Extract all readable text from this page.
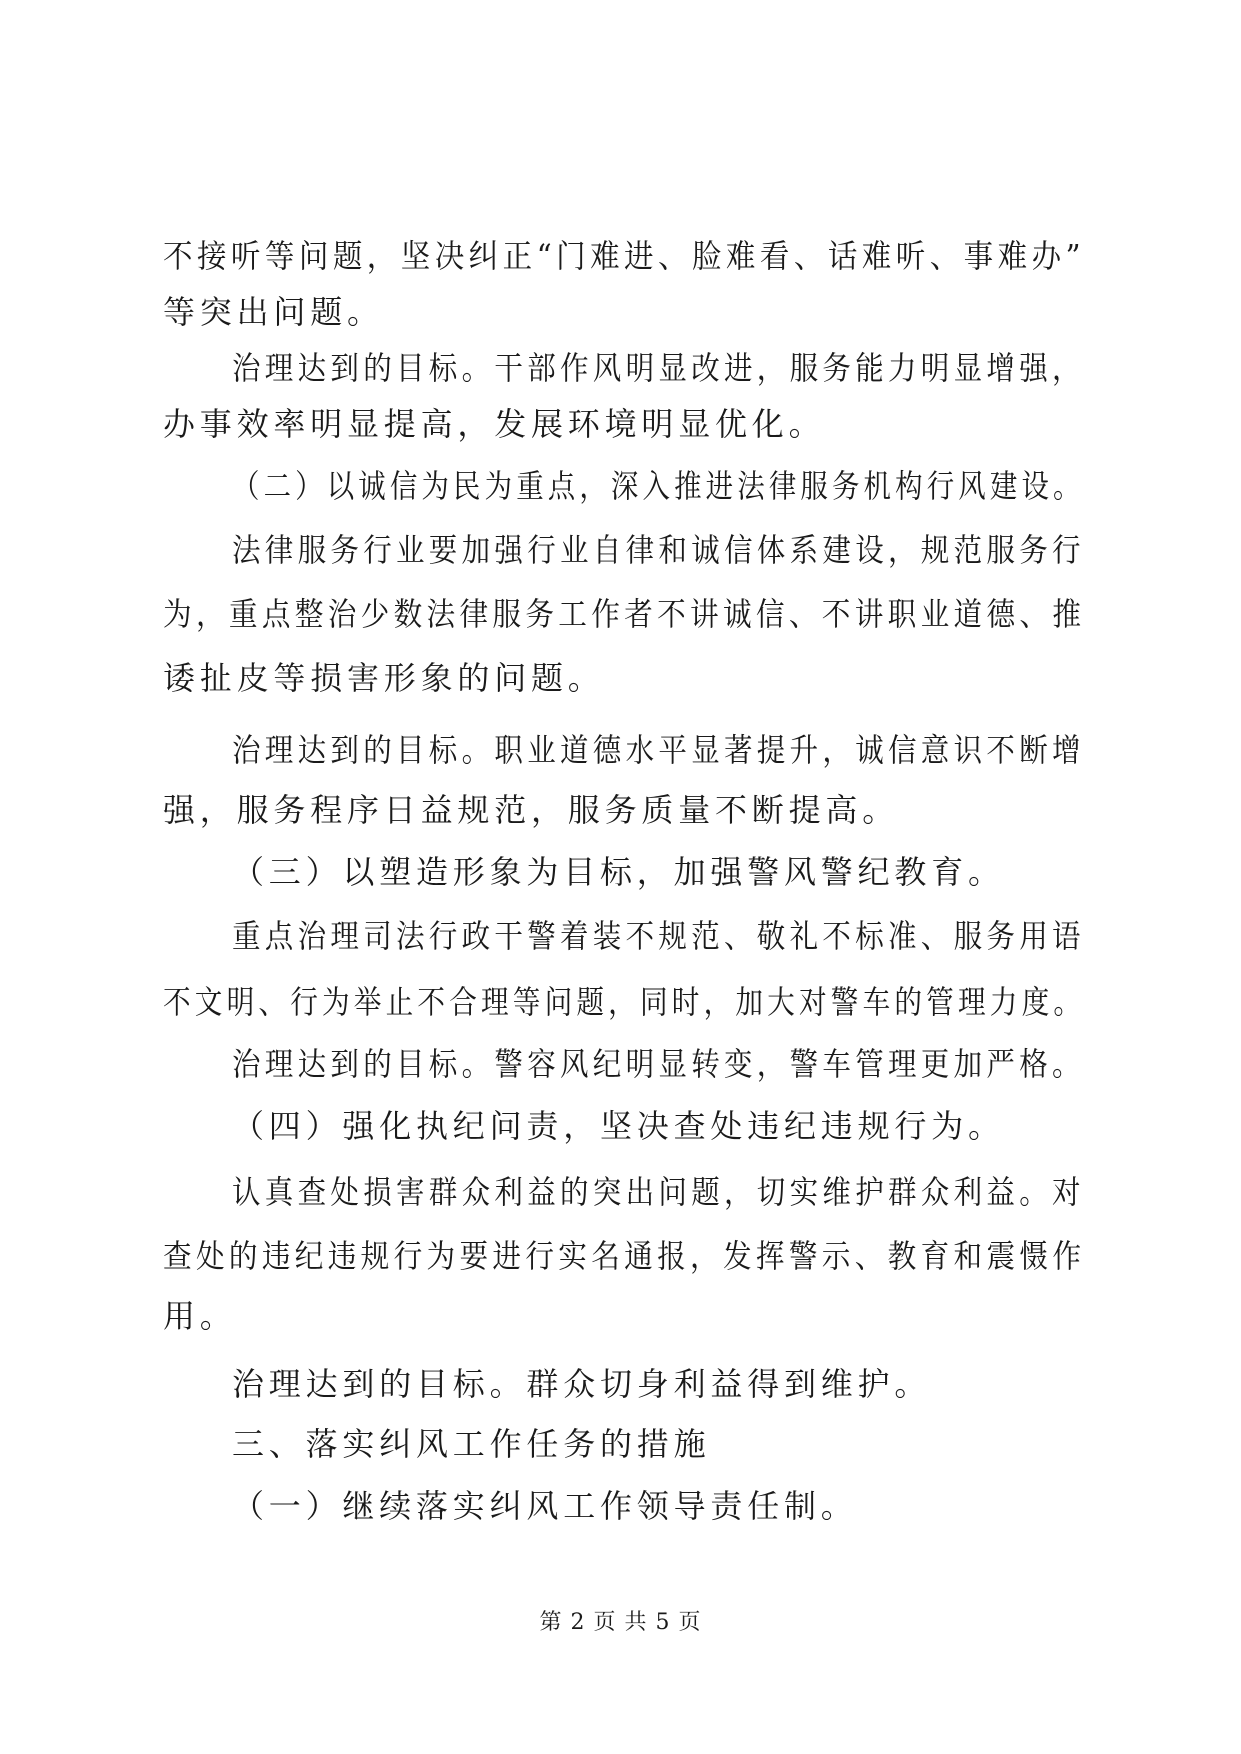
不接听等问题，坚决纠正“门难进、脸难看、话难听、事难办”
等突出问题。
治理达到的目标。干部作风明显改进，服务能力明显增强，
办事效率明显提高，发展环境明显优化。
（二）以诚信为民为重点，深入推进法律服务机构行风建设。
法律服务行业要加强行业自律和诚信体系建设，规范服务行
为，重点整治少数法律服务工作者不讲诚信、不讲职业道德、推
诿扯皮等损害形象的问题。
治理达到的目标。职业道德水平显著提升，诚信意识不断增
强，服务程序日益规范，服务质量不断提高。
（三）以塑造形象为目标，加强警风警纪教育。
重点治理司法行政干警着装不规范、敬礼不标准、服务用语
不文明、行为举止不合理等问题，同时，加大对警车的管理力度。
治理达到的目标。警容风纪明显转变，警车管理更加严格。
（四）强化执纪问责，坚决查处违纪违规行为。
认真查处损害群众利益的突出问题，切实维护群众利益。对
查处的违纪违规行为要进行实名通报，发挥警示、教育和震慑作
用。
治理达到的目标。群众切身利益得到维护。
三、落实纠风工作任务的措施
（一）继续落实纠风工作领导责任制。
第 2 页 共 5 页
